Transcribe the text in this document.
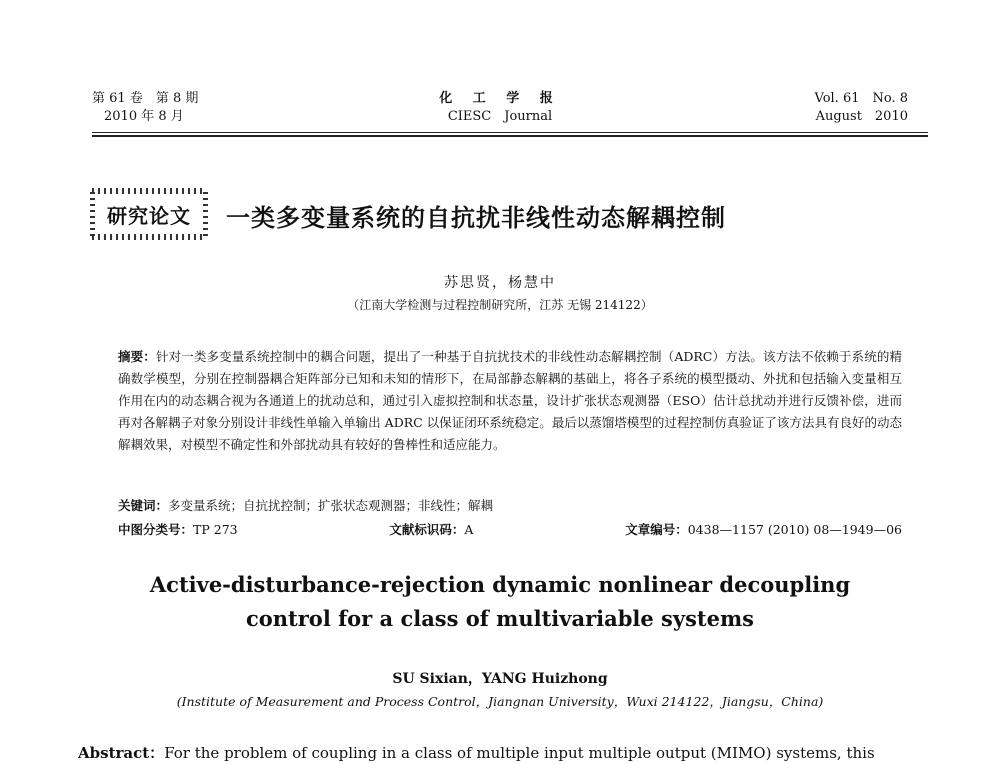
第 61 卷　第 8 期
2010 年 8 月
化 工 学 报
CIESC　Journal
Vol. 61　No. 8
August　2010
研究论文 一类多变量系统的自抗扰非线性动态解耦控制
苏思贤，杨慧中
（江南大学检测与过程控制研究所，江苏 无锡 214122）
摘要：针对一类多变量系统控制中的耦合问题，提出了一种基于自抗扰技术的非线性动态解耦控制（ADRC）方法。该方法不依赖于系统的精确数学模型，分别在控制器耦合矩阵部分已知和未知的情形下，在局部静态解耦的基础上，将各子系统的模型摄动、外扰和包括输入变量相互作用在内的动态耦合视为各通道上的扰动总和，通过引入虚拟控制和状态量，设计扩张状态观测器（ESO）估计总扰动并进行反馈补偿，进而再对各解耦子对象分别设计非线性单输入单输出 ADRC 以保证闭环系统稳定。最后以蒸馏塔模型的过程控制仿真验证了该方法具有良好的动态解耦效果，对模型不确定性和外部扰动具有较好的鲁棒性和适应能力。
关键词：多变量系统；自抗扰控制；扩张状态观测器；非线性；解耦
中图分类号：TP 273	文献标识码：A	文章编号：0438—1157 (2010) 08—1949—06
Active-disturbance-rejection dynamic nonlinear decoupling
control for a class of multivariable systems
SU Sixian，YANG Huizhong
(Institute of Measurement and Process Control，Jiangnan University，Wuxi 214122，Jiangsu，China)
Abstract：For the problem of coupling in a class of multiple input multiple output (MIMO) systems, this
